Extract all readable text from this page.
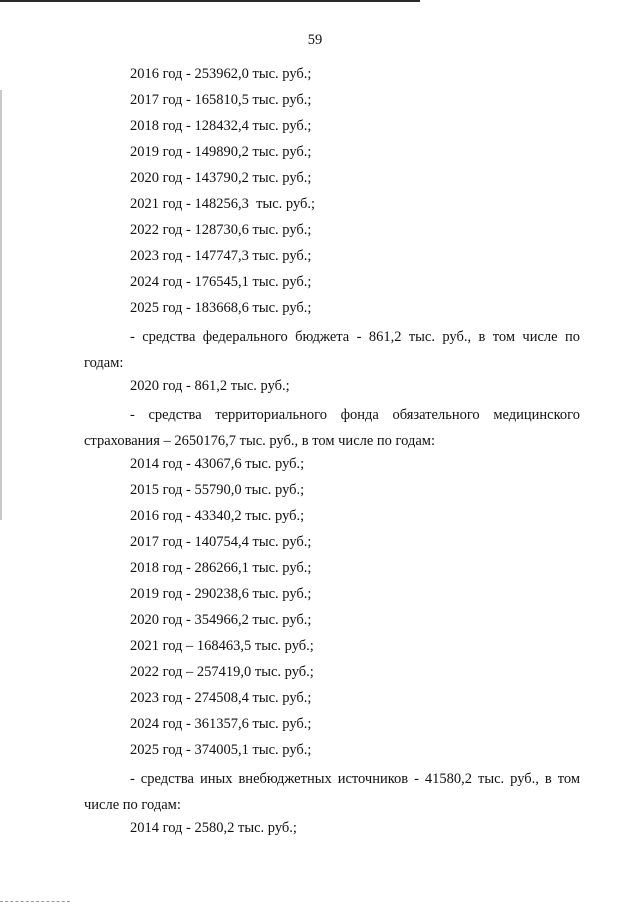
59
2016 год - 253962,0 тыс. руб.;
2017 год - 165810,5 тыс. руб.;
2018 год - 128432,4 тыс. руб.;
2019 год - 149890,2 тыс. руб.;
2020 год - 143790,2 тыс. руб.;
2021 год - 148256,3  тыс. руб.;
2022 год - 128730,6 тыс. руб.;
2023 год - 147747,3 тыс. руб.;
2024 год - 176545,1 тыс. руб.;
2025 год - 183668,6 тыс. руб.;

- средства федерального бюджета - 861,2 тыс. руб., в том числе по годам:

2020 год - 861,2 тыс. руб.;

- средства территориального фонда обязательного медицинского страхования – 2650176,7 тыс. руб., в том числе по годам:

2014 год - 43067,6 тыс. руб.;
2015 год - 55790,0 тыс. руб.;
2016 год - 43340,2 тыс. руб.;
2017 год - 140754,4 тыс. руб.;
2018 год - 286266,1 тыс. руб.;
2019 год - 290238,6 тыс. руб.;
2020 год - 354966,2 тыс. руб.;
2021 год – 168463,5 тыс. руб.;
2022 год – 257419,0 тыс. руб.;
2023 год - 274508,4 тыс. руб.;
2024 год - 361357,6 тыс. руб.;
2025 год - 374005,1 тыс. руб.;

- средства иных внебюджетных источников - 41580,2 тыс. руб., в том числе по годам:

2014 год - 2580,2 тыс. руб.;
